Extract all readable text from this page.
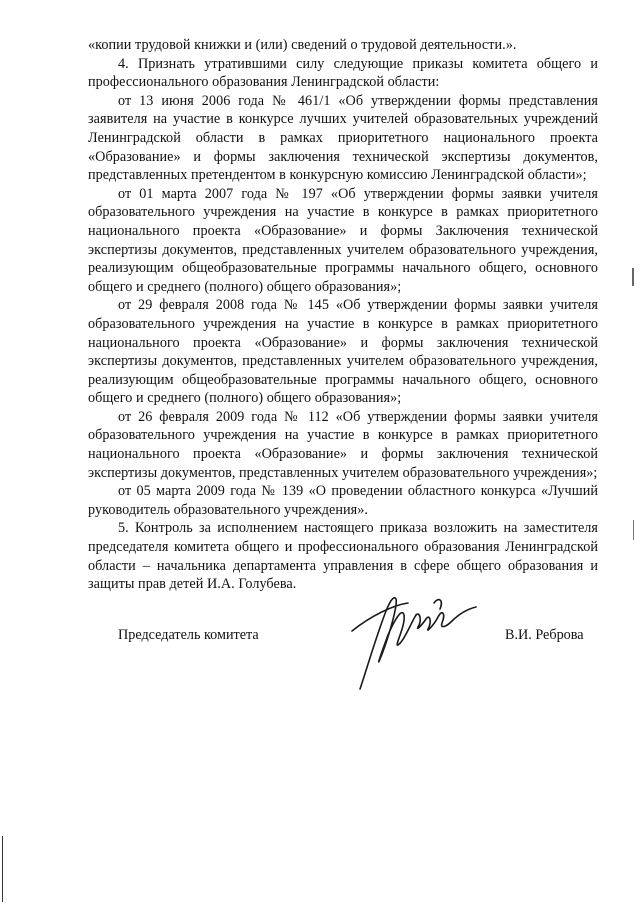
«копии трудовой книжки и (или) сведений о трудовой деятельности.».

4. Признать утратившими силу следующие приказы комитета общего и профессионального образования Ленинградской области:

от 13 июня 2006 года № 461/1 «Об утверждении формы представления заявителя на участие в конкурсе лучших учителей образовательных учреждений Ленинградской области в рамках приоритетного национального проекта «Образование» и формы заключения технической экспертизы документов, представленных претендентом в конкурсную комиссию Ленинградской области»;

от 01 марта 2007 года № 197 «Об утверждении формы заявки учителя образовательного учреждения на участие в конкурсе в рамках приоритетного национального проекта «Образование» и формы Заключения технической экспертизы документов, представленных учителем образовательного учреждения, реализующим общеобразовательные программы начального общего, основного общего и среднего (полного) общего образования»;

от 29 февраля 2008 года № 145 «Об утверждении формы заявки учителя образовательного учреждения на участие в конкурсе в рамках приоритетного национального проекта «Образование» и формы заключения технической экспертизы документов, представленных учителем образовательного учреждения, реализующим общеобразовательные программы начального общего, основного общего и среднего (полного) общего образования»;

от 26 февраля 2009 года № 112 «Об утверждении формы заявки учителя образовательного учреждения на участие в конкурсе в рамках приоритетного национального проекта «Образование» и формы заключения технической экспертизы документов, представленных учителем образовательного учреждения»;

от 05 марта 2009 года № 139 «О проведении областного конкурса «Лучший руководитель образовательного учреждения».

5. Контроль за исполнением настоящего приказа возложить на заместителя председателя комитета общего и профессионального образования Ленинградской области – начальника департамента управления в сфере общего образования и защиты прав детей И.А. Голубева.

Председатель комитета	В.И. Реброва
